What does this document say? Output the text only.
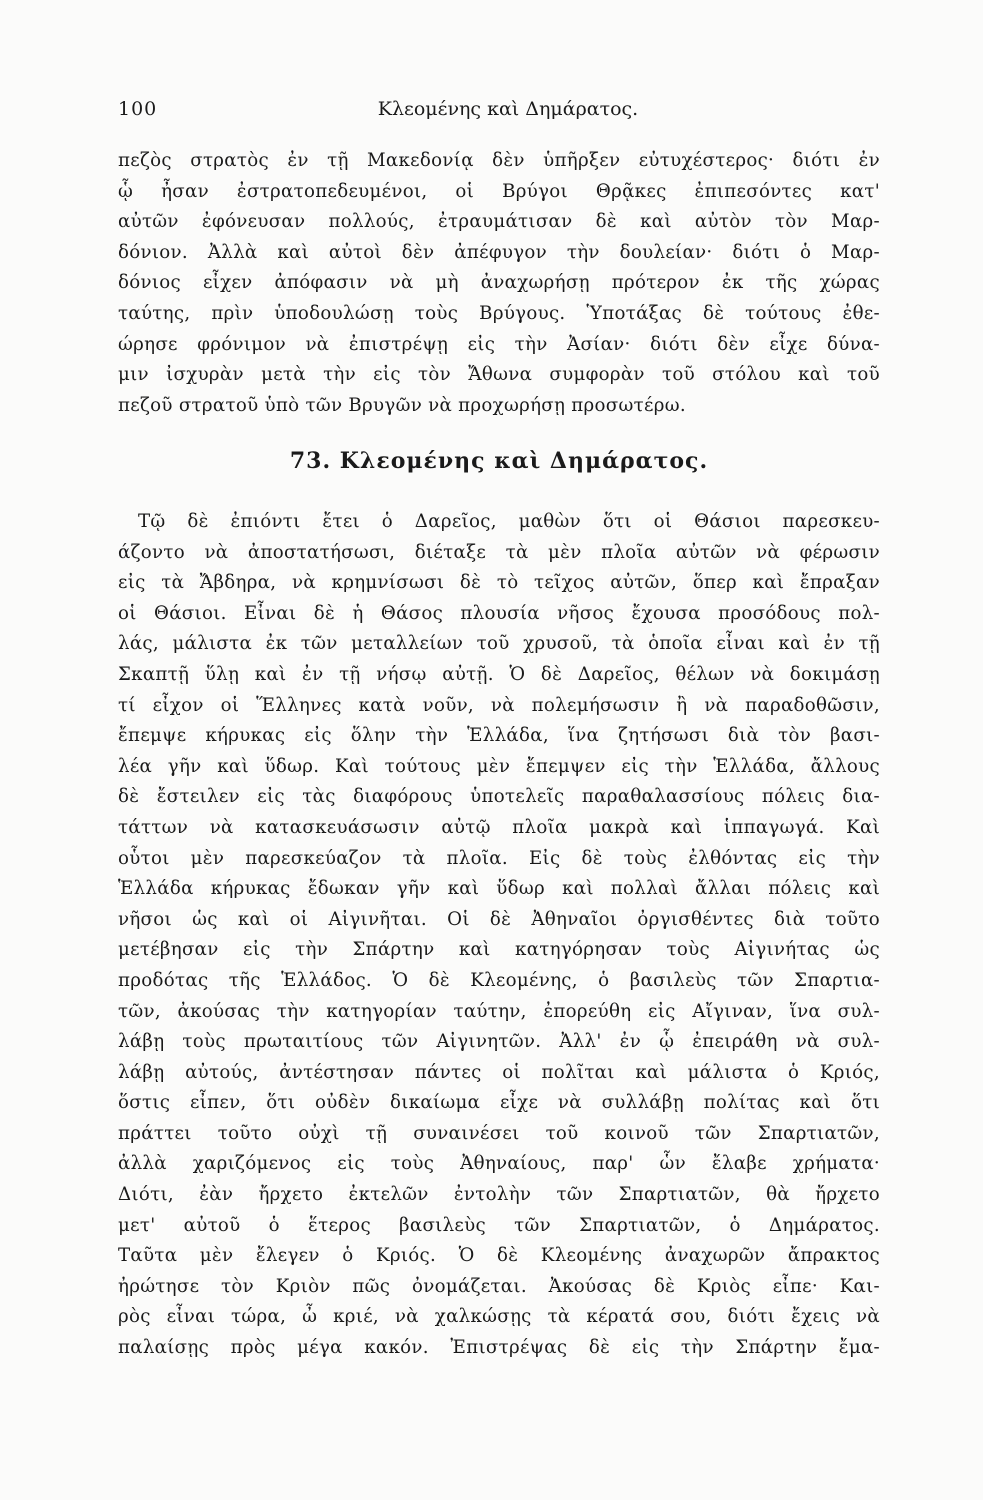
100	Κλεομένης καὶ Δημάρατος.
πεζὸς στρατὸς ἐν τῇ Μακεδονίᾳ δὲν ὑπῆρξεν εὐτυχέστερος· διότι ἐν
ᾧ ἦσαν ἐστρατοπεδευμένοι, οἱ Βρύγοι Θρᾷκες ἐπιπεσόντες κατ'
αὐτῶν ἐφόνευσαν πολλούς, ἐτραυμάτισαν δὲ καὶ αὐτὸν τὸν Μαρ-
δόνιον. Ἀλλὰ καὶ αὐτοὶ δὲν ἀπέφυγον τὴν δουλείαν· διότι ὁ Μαρ-
δόνιος εἶχεν ἀπόφασιν νὰ μὴ ἀναχωρήσῃ πρότερον ἐκ τῆς χώρας
ταύτης, πρὶν ὑποδουλώσῃ τοὺς Βρύγους. Ὑποτάξας δὲ τούτους ἐθε-
ώρησε φρόνιμον νὰ ἐπιστρέψῃ εἰς τὴν Ἀσίαν· διότι δὲν εἶχε δύνα-
μιν ἰσχυρὰν μετὰ τὴν εἰς τὸν Ἄθωνα συμφορὰν τοῦ στόλου καὶ τοῦ
πεζοῦ στρατοῦ ὑπὸ τῶν Βρυγῶν νὰ προχωρήσῃ προσωτέρω.
73. Κλεομένης καὶ Δημάρατος.
Τῷ δὲ ἐπιόντι ἔτει ὁ Δαρεῖος, μαθὼν ὅτι οἱ Θάσιοι παρεσκευ-
άζοντο νὰ ἀποστατήσωσι, διέταξε τὰ μὲν πλοῖα αὐτῶν νὰ φέρωσιν
εἰς τὰ Ἄβδηρα, νὰ κρημνίσωσι δὲ τὸ τεῖχος αὐτῶν, ὅπερ καὶ ἔπραξαν
οἱ Θάσιοι. Εἶναι δὲ ἡ Θάσος πλουσία νῆσος ἔχουσα προσόδους πολ-
λάς, μάλιστα ἐκ τῶν μεταλλείων τοῦ χρυσοῦ, τὰ ὁποῖα εἶναι καὶ ἐν τῇ
Σκαπτῇ ὕλῃ καὶ ἐν τῇ νήσῳ αὐτῇ. Ὁ δὲ Δαρεῖος, θέλων νὰ δοκιμάσῃ
τί εἶχον οἱ Ἕλληνες κατὰ νοῦν, νὰ πολεμήσωσιν ἢ νὰ παραδοθῶσιν,
ἔπεμψε κήρυκας εἰς ὅλην τὴν Ἑλλάδα, ἵνα ζητήσωσι διὰ τὸν βασι-
λέα γῆν καὶ ὕδωρ. Καὶ τούτους μὲν ἔπεμψεν εἰς τὴν Ἑλλάδα, ἄλλους
δὲ ἔστειλεν εἰς τὰς διαφόρους ὑποτελεῖς παραθαλασσίους πόλεις δια-
τάττων νὰ κατασκευάσωσιν αὐτῷ πλοῖα μακρὰ καὶ ἱππαγωγά. Καὶ
οὗτοι μὲν παρεσκεύαζον τὰ πλοῖα. Εἰς δὲ τοὺς ἐλθόντας εἰς τὴν
Ἑλλάδα κήρυκας ἔδωκαν γῆν καὶ ὕδωρ καὶ πολλαὶ ἄλλαι πόλεις καὶ
νῆσοι ὡς καὶ οἱ Αἰγινῆται. Οἱ δὲ Ἀθηναῖοι ὀργισθέντες διὰ τοῦτο
μετέβησαν εἰς τὴν Σπάρτην καὶ κατηγόρησαν τοὺς Αἰγινήτας ὡς
προδότας τῆς Ἑλλάδος. Ὁ δὲ Κλεομένης, ὁ βασιλεὺς τῶν Σπαρτια-
τῶν, ἀκούσας τὴν κατηγορίαν ταύτην, ἐπορεύθη εἰς Αἴγιναν, ἵνα συλ-
λάβῃ τοὺς πρωταιτίους τῶν Αἰγινητῶν. Ἀλλ' ἐν ᾧ ἐπειράθη νὰ συλ-
λάβῃ αὐτούς, ἀντέστησαν πάντες οἱ πολῖται καὶ μάλιστα ὁ Κριός,
ὅστις εἶπεν, ὅτι οὐδὲν δικαίωμα εἶχε νὰ συλλάβῃ πολίτας καὶ ὅτι
πράττει τοῦτο οὐχὶ τῇ συναινέσει τοῦ κοινοῦ τῶν Σπαρτιατῶν,
ἀλλὰ χαριζόμενος εἰς τοὺς Ἀθηναίους, παρ' ὧν ἔλαβε χρήματα·
Διότι, ἐὰν ἤρχετο ἐκτελῶν ἐντολὴν τῶν Σπαρτιατῶν, θὰ ἤρχετο
μετ' αὐτοῦ ὁ ἕτερος βασιλεὺς τῶν Σπαρτιατῶν, ὁ Δημάρατος.
Ταῦτα μὲν ἔλεγεν ὁ Κριός. Ὁ δὲ Κλεομένης ἀναχωρῶν ἄπρακτος
ἠρώτησε τὸν Κριὸν πῶς ὀνομάζεται. Ἀκούσας δὲ Κριὸς εἶπε· Και-
ρὸς εἶναι τώρα, ὦ κριέ, νὰ χαλκώσῃς τὰ κέρατά σου, διότι ἔχεις νὰ
παλαίσῃς πρὸς μέγα κακόν. Ἐπιστρέψας δὲ εἰς τὴν Σπάρτην ἔμα-
